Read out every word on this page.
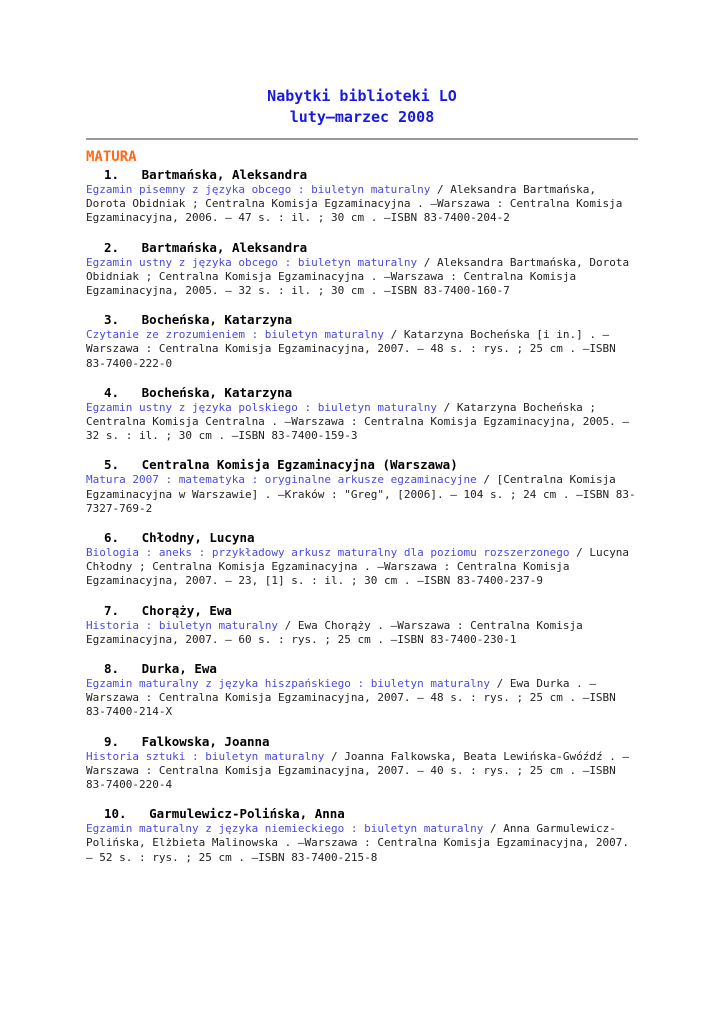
Nabytki biblioteki LO
luty–marzec 2008
MATURA
1. Bartmańska, Aleksandra
Egzamin pisemny z języka obcego : biuletyn maturalny / Aleksandra Bartmańska, Dorota Obidniak ; Centralna Komisja Egzaminacyjna . –Warszawa : Centralna Komisja Egzaminacyjna, 2006. – 47 s. : il. ; 30 cm . –ISBN 83-7400-204-2
2. Bartmańska, Aleksandra
Egzamin ustny z języka obcego : biuletyn maturalny / Aleksandra Bartmańska, Dorota Obidniak ; Centralna Komisja Egzaminacyjna . –Warszawa : Centralna Komisja Egzaminacyjna, 2005. – 32 s. : il. ; 30 cm . –ISBN 83-7400-160-7
3. Bocheńska, Katarzyna
Czytanie ze zrozumieniem : biuletyn maturalny / Katarzyna Bocheńska [i in.] . –Warszawa : Centralna Komisja Egzaminacyjna, 2007. – 48 s. : rys. ; 25 cm . –ISBN 83-7400-222-0
4. Bocheńska, Katarzyna
Egzamin ustny z języka polskiego : biuletyn maturalny / Katarzyna Bocheńska ; Centralna Komisja Centralna . –Warszawa : Centralna Komisja Egzaminacyjna, 2005. – 32 s. : il. ; 30 cm . –ISBN 83-7400-159-3
5. Centralna Komisja Egzaminacyjna (Warszawa)
Matura 2007 : matematyka : oryginalne arkusze egzaminacyjne / [Centralna Komisja Egzaminacyjna w Warszawie] . –Kraków : "Greg", [2006]. – 104 s. ; 24 cm . –ISBN 83-7327-769-2
6. Chłodny, Lucyna
Biologia : aneks : przykładowy arkusz maturalny dla poziomu rozszerzonego / Lucyna Chłodny ; Centralna Komisja Egzaminacyjna . –Warszawa : Centralna Komisja Egzaminacyjna, 2007. – 23, [1] s. : il. ; 30 cm . –ISBN 83-7400-237-9
7. Chorąży, Ewa
Historia : biuletyn maturalny / Ewa Chorąży . –Warszawa : Centralna Komisja Egzaminacyjna, 2007. – 60 s. : rys. ; 25 cm . –ISBN 83-7400-230-1
8. Durka, Ewa
Egzamin maturalny z języka hiszpańskiego : biuletyn maturalny / Ewa Durka . –Warszawa : Centralna Komisja Egzaminacyjna, 2007. – 48 s. : rys. ; 25 cm . –ISBN 83-7400-214-X
9. Falkowska, Joanna
Historia sztuki : biuletyn maturalny / Joanna Falkowska, Beata Lewińska-Gwóźdź . –Warszawa : Centralna Komisja Egzaminacyjna, 2007. – 40 s. : rys. ; 25 cm . –ISBN 83-7400-220-4
10. Garmulewicz-Polińska, Anna
Egzamin maturalny z języka niemieckiego : biuletyn maturalny / Anna Garmulewicz-Polińska, Elżbieta Malinowska . –Warszawa : Centralna Komisja Egzaminacyjna, 2007. – 52 s. : rys. ; 25 cm . –ISBN 83-7400-215-8
